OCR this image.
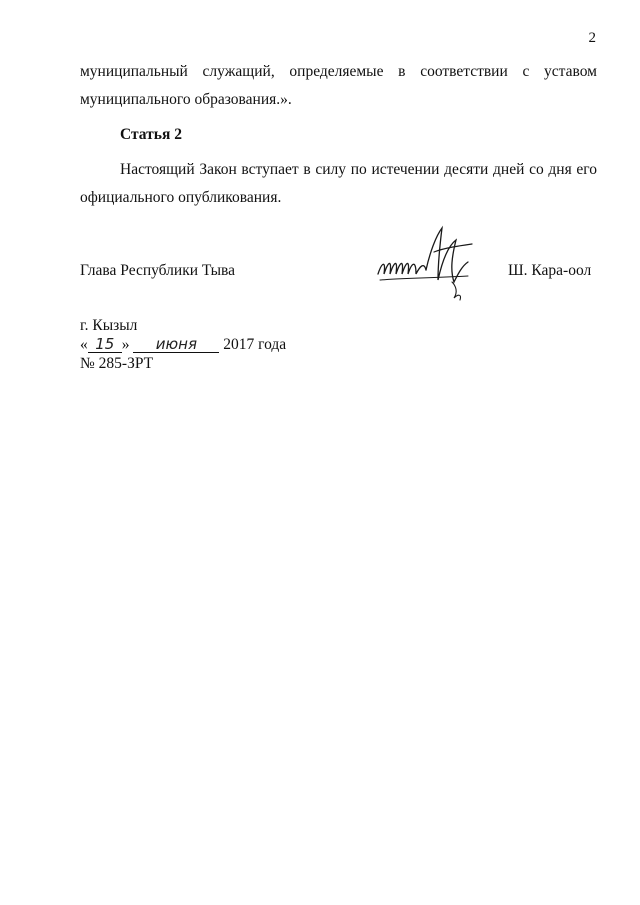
2
муниципальный служащий, определяемые в соответствии с уставом
муниципального образования.».
Статья 2
Настоящий Закон вступает в силу по истечении десяти дней со дня его
официального опубликования.
Глава Республики Тыва	Ш. Кара-оол
г. Кызыл
« 15 » июня 2017 года
№ 285-ЗРТ
